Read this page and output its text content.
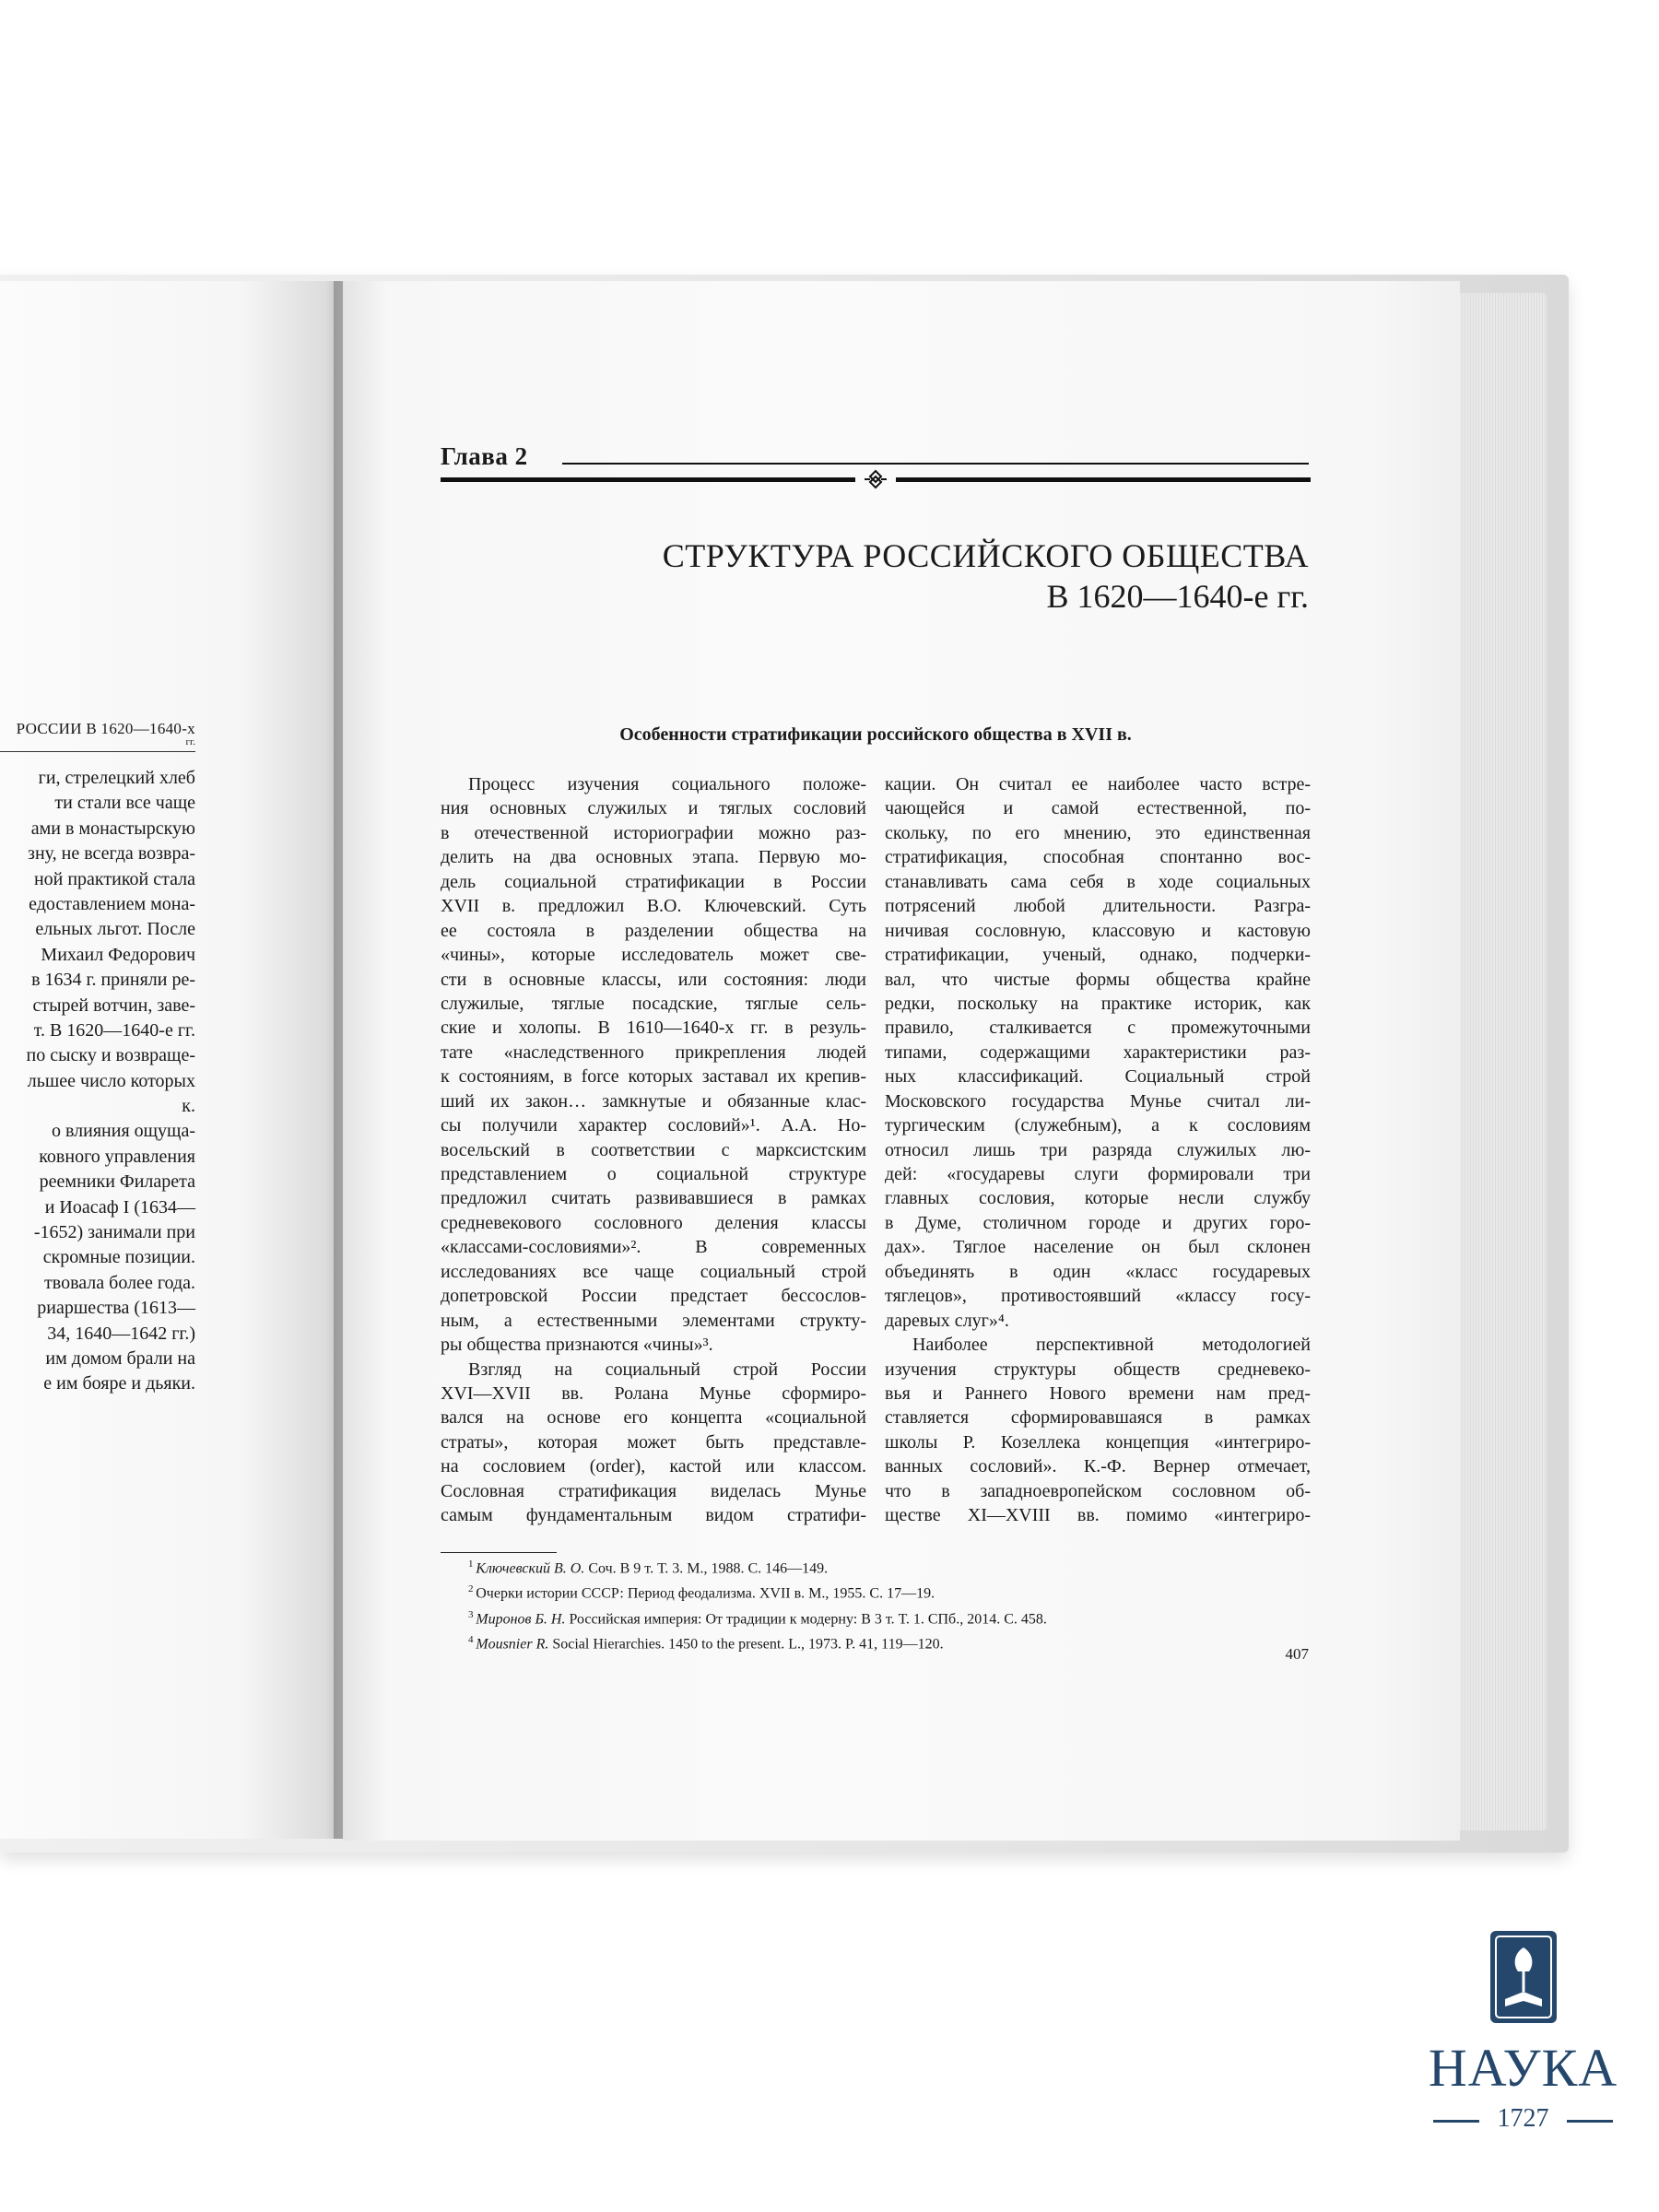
РОССИИ В 1620—1640-х
гг.
ги, стрелецкий хлеб
ти стали все чаще
ами в монастырскую
зну, не всегда возвра-
ной практикой стала
едоставлением мона-
ельных льгот. После
Михаил Федорович
в 1634 г. приняли ре-
стырей вотчин, заве-
т. В 1620—1640-е гг.
по сыску и возвраще-
льшее число которых
к.
о влияния ощуща-
ковного управления
реемники Филарета
и Иоасаф I (1634—
-1652) занимали при
скромные позиции.
твовала более года.
риаршества (1613—
34, 1640—1642 гг.)
им домом брали на
е им бояре и дьяки.
Глава 2
СТРУКТУРА РОССИЙСКОГО ОБЩЕСТВА
В 1620—1640-е гг.
Особенности стратификации российского общества в XVII в.
Процесс изучения социального положе-
ния основных служилых и тяглых сословий
в отечественной историографии можно раз-
делить на два основных этапа. Первую мо-
дель социальной стратификации в России
XVII в. предложил В.О. Ключевский. Суть
ее состояла в разделении общества на
«чины», которые исследователь может све-
сти в основные классы, или состояния: люди
служилые, тяглые посадские, тяглые сель-
ские и холопы. В 1610—1640-х гг. в резуль-
тате «наследственного прикрепления людей
к состояниям, в force которых заставал их крепив-
ший их закон… замкнутые и обязанные клас-
сы получили характер сословий»¹. А.А. Но-
восельский в соответствии с марксистским
представлением о социальной структуре
предложил считать развивавшиеся в рамках
средневекового сословного деления классы
«классами-сословиями»². В современных
исследованиях все чаще социальный строй
допетровской России предстает бессослов-
ным, а естественными элементами структу-
ры общества признаются «чины»³.
Взгляд на социальный строй России
XVI—XVII вв. Ролана Мунье сформиро-
вался на основе его концепта «социальной
страты», которая может быть представле-
на сословием (order), кастой или классом.
Сословная стратификация виделась Мунье
самым фундаментальным видом стратифи-
кации. Он считал ее наиболее часто встре-
чающейся и самой естественной, по-
скольку, по его мнению, это единственная
стратификация, способная спонтанно вос-
станавливать сама себя в ходе социальных
потрясений любой длительности. Разгра-
ничивая сословную, классовую и кастовую
стратификации, ученый, однако, подчерки-
вал, что чистые формы общества крайне
редки, поскольку на практике историк, как
правило, сталкивается с промежуточными
типами, содержащими характеристики раз-
ных классификаций. Социальный строй
Московского государства Мунье считал ли-
тургическим (служебным), а к сословиям
относил лишь три разряда служилых лю-
дей: «государевы слуги формировали три
главных сословия, которые несли службу
в Думе, столичном городе и других горо-
дах». Тяглое население он был склонен
объединять в один «класс государевых
тяглецов», противостоявший «классу госу-
даревых слуг»⁴.
Наиболее перспективной методологией
изучения структуры обществ средневеко-
вья и Раннего Нового времени нам пред-
ставляется сформировавшаяся в рамках
школы Р. Козеллека концепция «интегриро-
ванных сословий». К.-Ф. Вернер отмечает,
что в западноевропейском сословном об-
ществе XI—XVIII вв. помимо «интегриро-
$^1$ Ключевский В. О. Соч. В 9 т. Т. 3. М., 1988. С. 146—149.
$^2$ Очерки истории СССР: Период феодализма. XVII в. М., 1955. С. 17—19.
$^3$ Миронов Б. Н. Российская империя: От традиции к модерну: В 3 т. Т. 1. СПб., 2014. С. 458.
$^4$ Mousnier R. Social Hierarchies. 1450 to the present. L., 1973. P. 41, 119—120.
407
НАУКА
1727
